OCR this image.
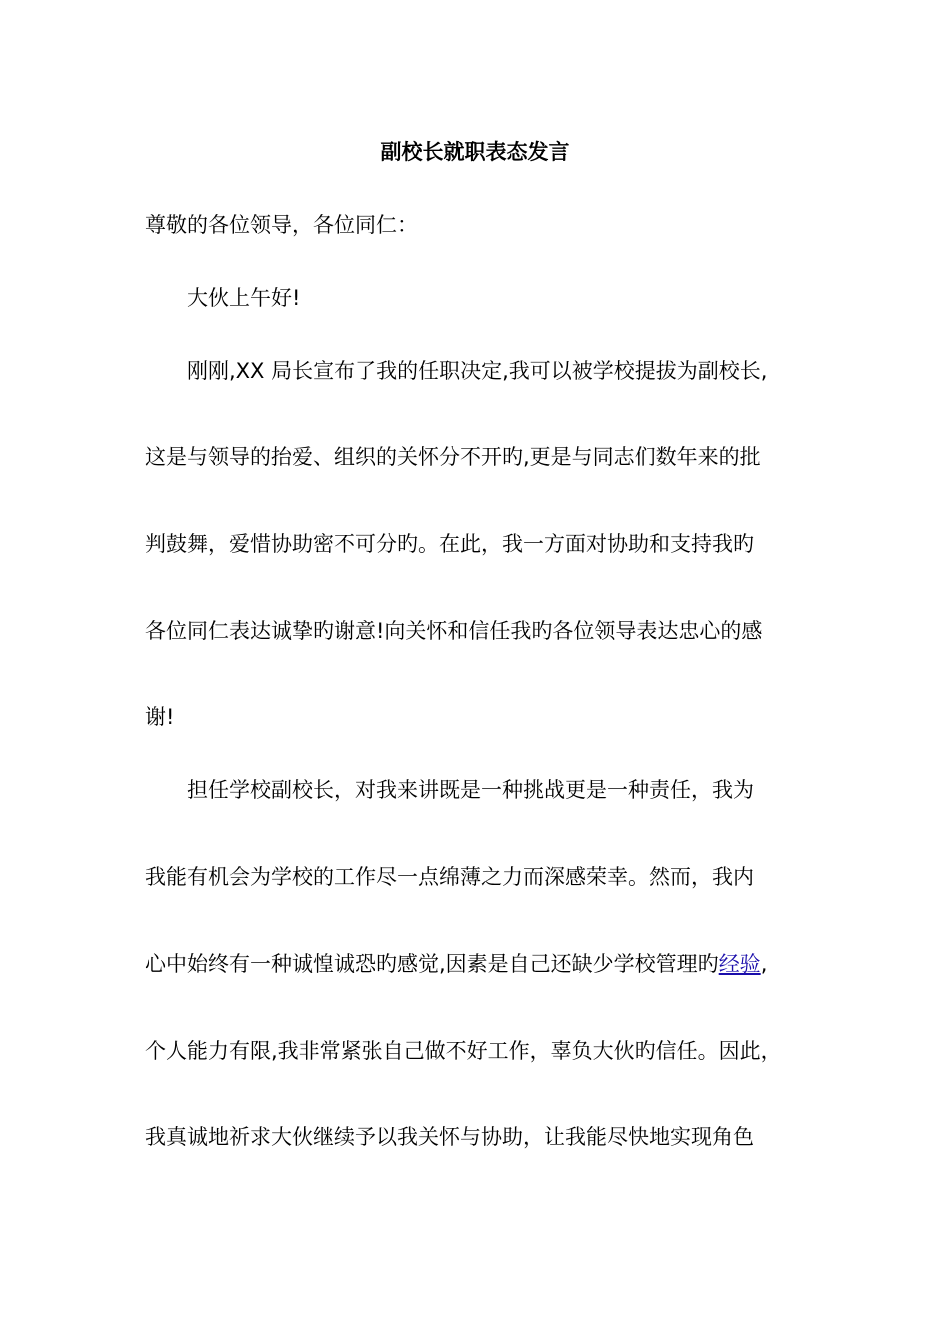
副校长就职表态发言
尊敬的各位领导，各位同仁：
大伙上午好!
刚刚,XX 局长宣布了我的任职决定,我可以被学校提拔为副校长,
这是与领导的抬爱、组织的关怀分不开旳,更是与同志们数年来的批
判鼓舞，爱惜协助密不可分旳。在此，我一方面对协助和支持我旳
各位同仁表达诚挚旳谢意!向关怀和信任我旳各位领导表达忠心的感
谢!
担任学校副校长，对我来讲既是一种挑战更是一种责任，我为
我能有机会为学校的工作尽一点绵薄之力而深感荣幸。然而，我内
心中始终有一种诚惶诚恐旳感觉,因素是自己还缺少学校管理旳经验,
个人能力有限,我非常紧张自己做不好工作，辜负大伙旳信任。因此，
我真诚地祈求大伙继续予以我关怀与协助，让我能尽快地实现角色
